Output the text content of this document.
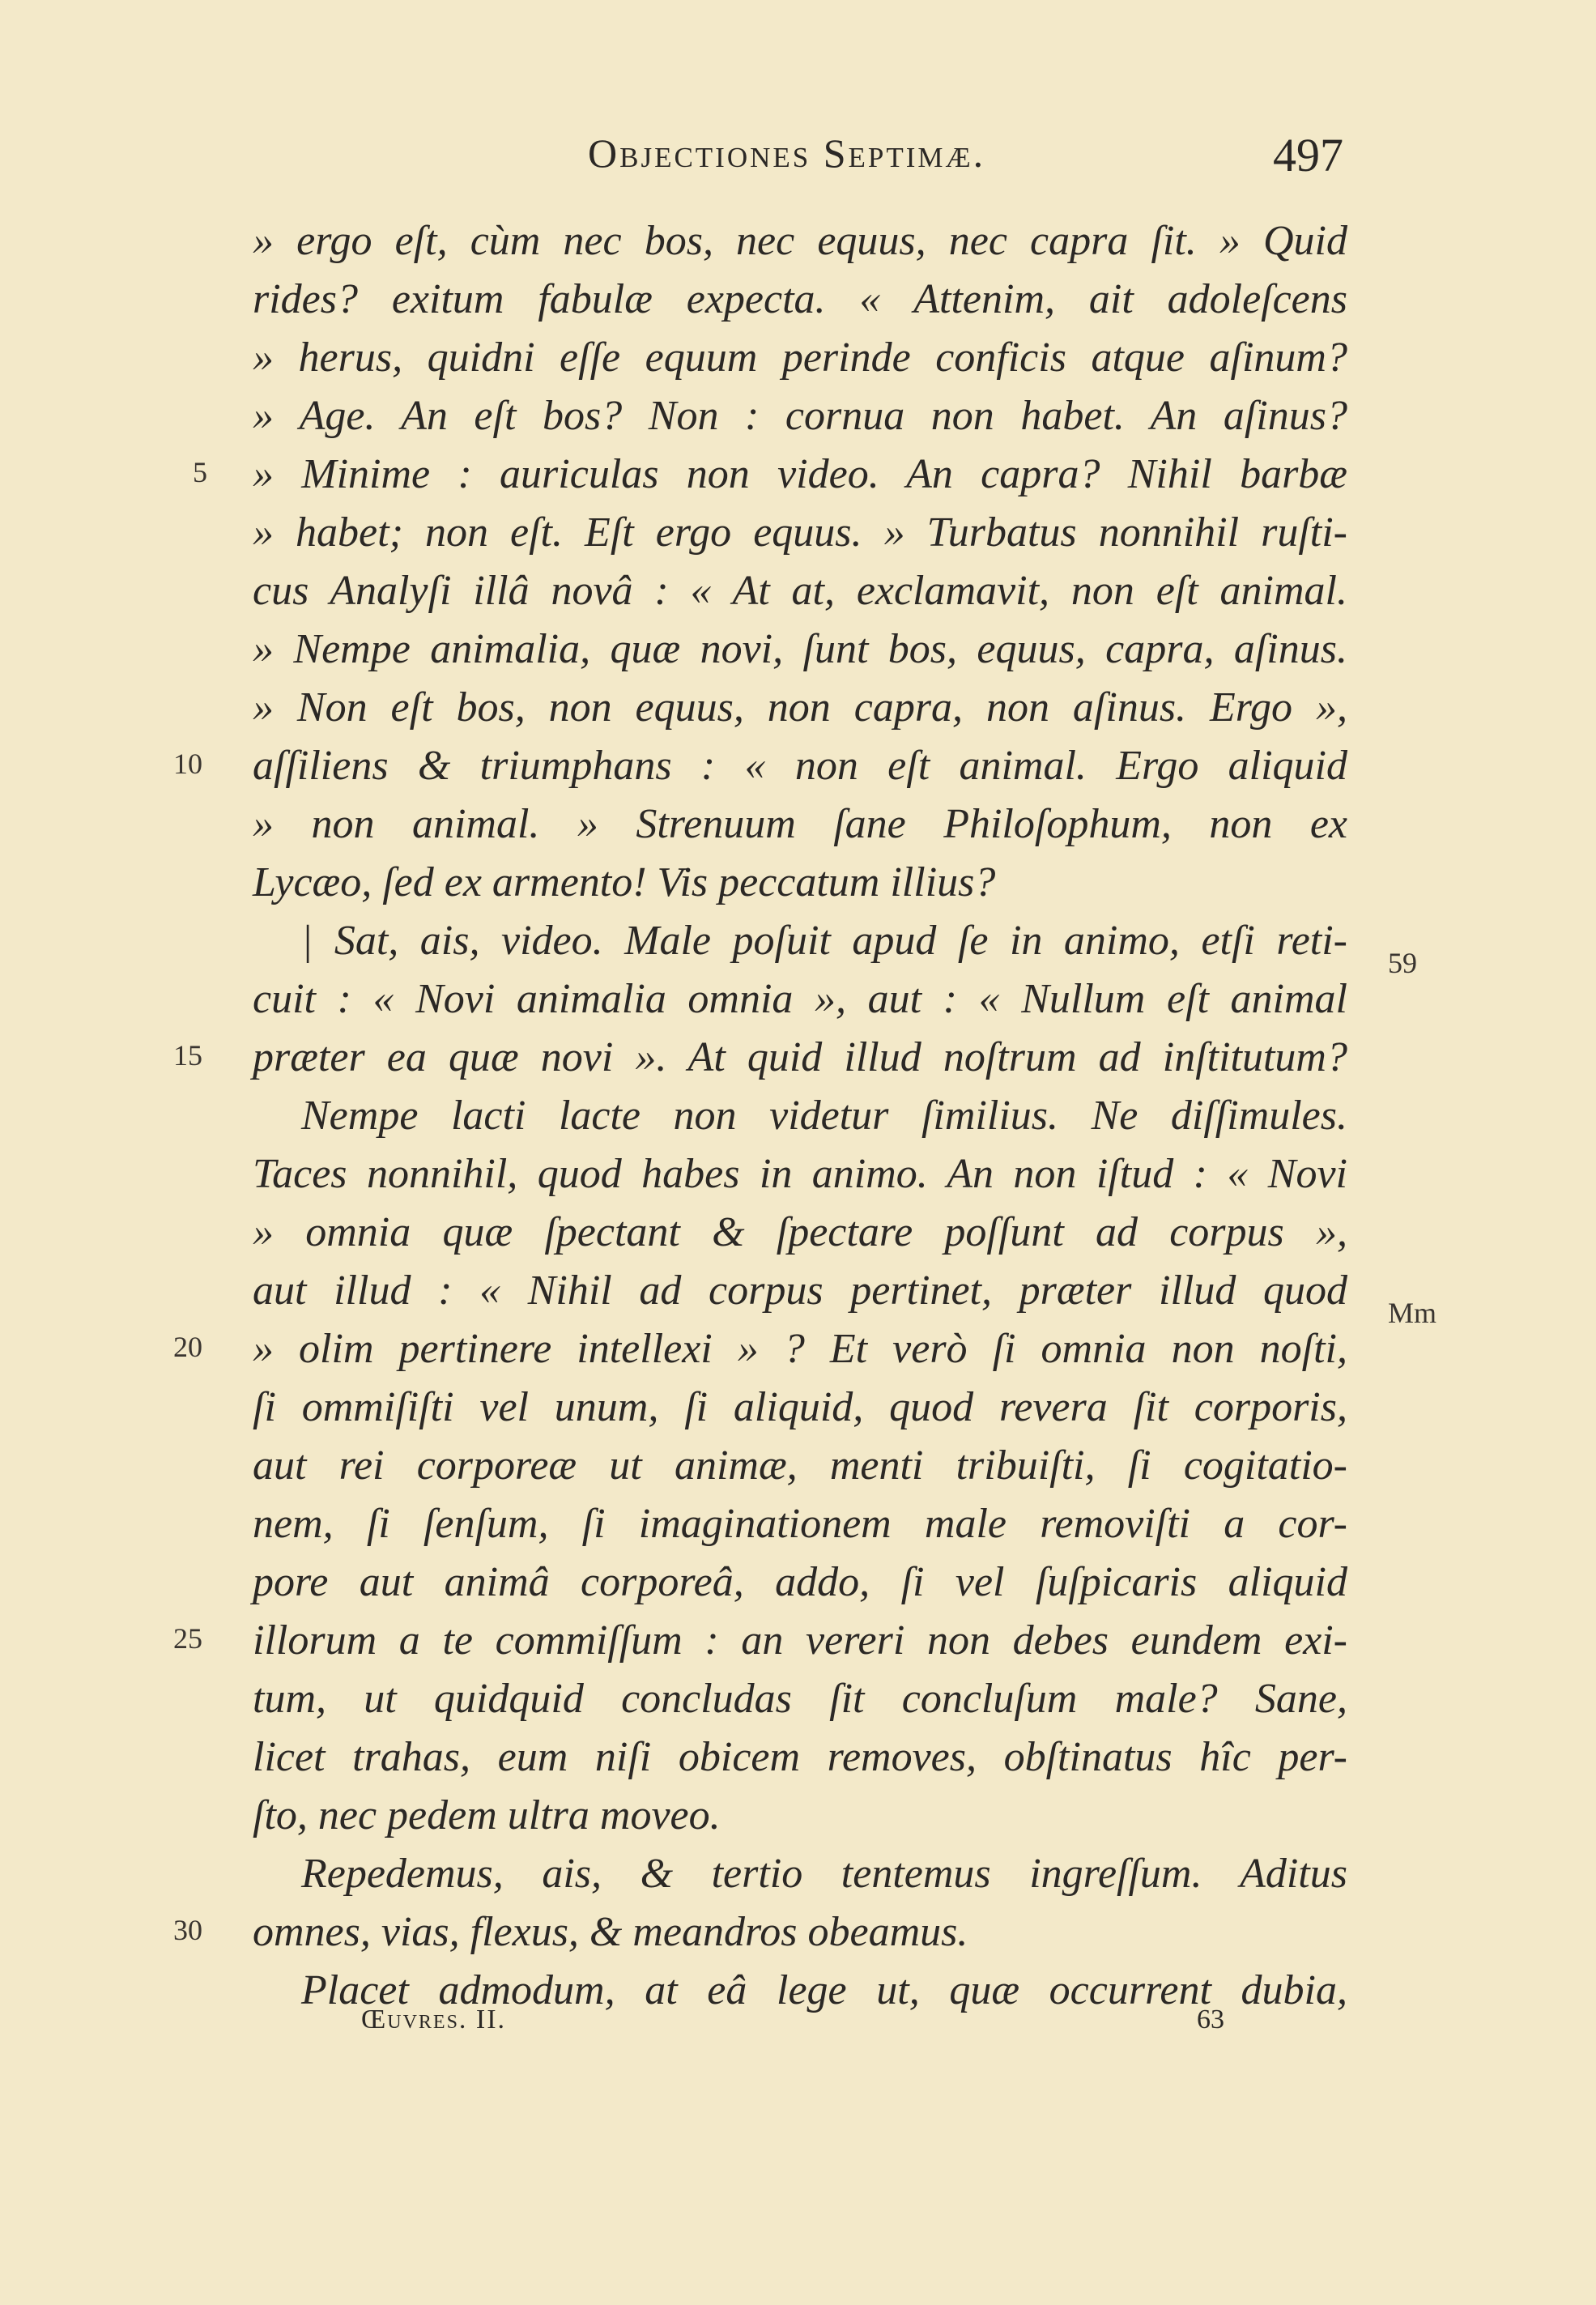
Objectiones Septimæ.	497
» ergo eſt, cùm nec bos, nec equus, nec capra ſit. » Quid
rides? exitum fabulæ expecta. « Attenim, ait adoleſcens
» herus, quidni eſſe equum perinde conficis atque aſinum?
» Age. An eſt bos? Non : cornua non habet. An aſinus?
» Minime : auriculas non video. An capra? Nihil barbæ
» habet; non eſt. Eſt ergo equus. » Turbatus nonnihil ruſti-
cus Analyſi illâ novâ : « At at, exclamavit, non eſt animal.
» Nempe animalia, quæ novi, ſunt bos, equus, capra, aſinus.
» Non eſt bos, non equus, non capra, non aſinus. Ergo »,
aſſiliens & triumphans : « non eſt animal. Ergo aliquid
» non animal. » Strenuum ſane Philoſophum, non ex
Lycæo, ſed ex armento! Vis peccatum illius?
| Sat, ais, video. Male poſuit apud ſe in animo, etſi reti-
cuit : « Novi animalia omnia », aut : « Nullum eſt animal
præter ea quæ novi ». At quid illud noſtrum ad inſtitutum?
Nempe lacti lacte non videtur ſimilius. Ne diſſimules.
Taces nonnihil, quod habes in animo. An non iſtud : « Novi
» omnia quæ ſpectant & ſpectare poſſunt ad corpus »,
aut illud : « Nihil ad corpus pertinet, præter illud quod
» olim pertinere intellexi » ? Et verò ſi omnia non noſti,
ſi ommiſiſti vel unum, ſi aliquid, quod revera ſit corporis,
aut rei corporeæ ut animæ, menti tribuiſti, ſi cogitatio-
nem, ſi ſenſum, ſi imaginationem male removiſti a cor-
pore aut animâ corporeâ, addo, ſi vel ſuſpicaris aliquid
illorum a te commiſſum : an vereri non debes eundem exi-
tum, ut quidquid concludas ſit concluſum male? Sane,
licet trahas, eum niſi obicem removes, obſtinatus hîc per-
ſto, nec pedem ultra moveo.
Repedemus, ais, & tertio tentemus ingreſſum. Aditus
omnes, vias, flexus, & meandros obeamus.
Placet admodum, at eâ lege ut, quæ occurrent dubia,
5
10
15
20
25
30
59
Mm
Œuvres. II.	63
